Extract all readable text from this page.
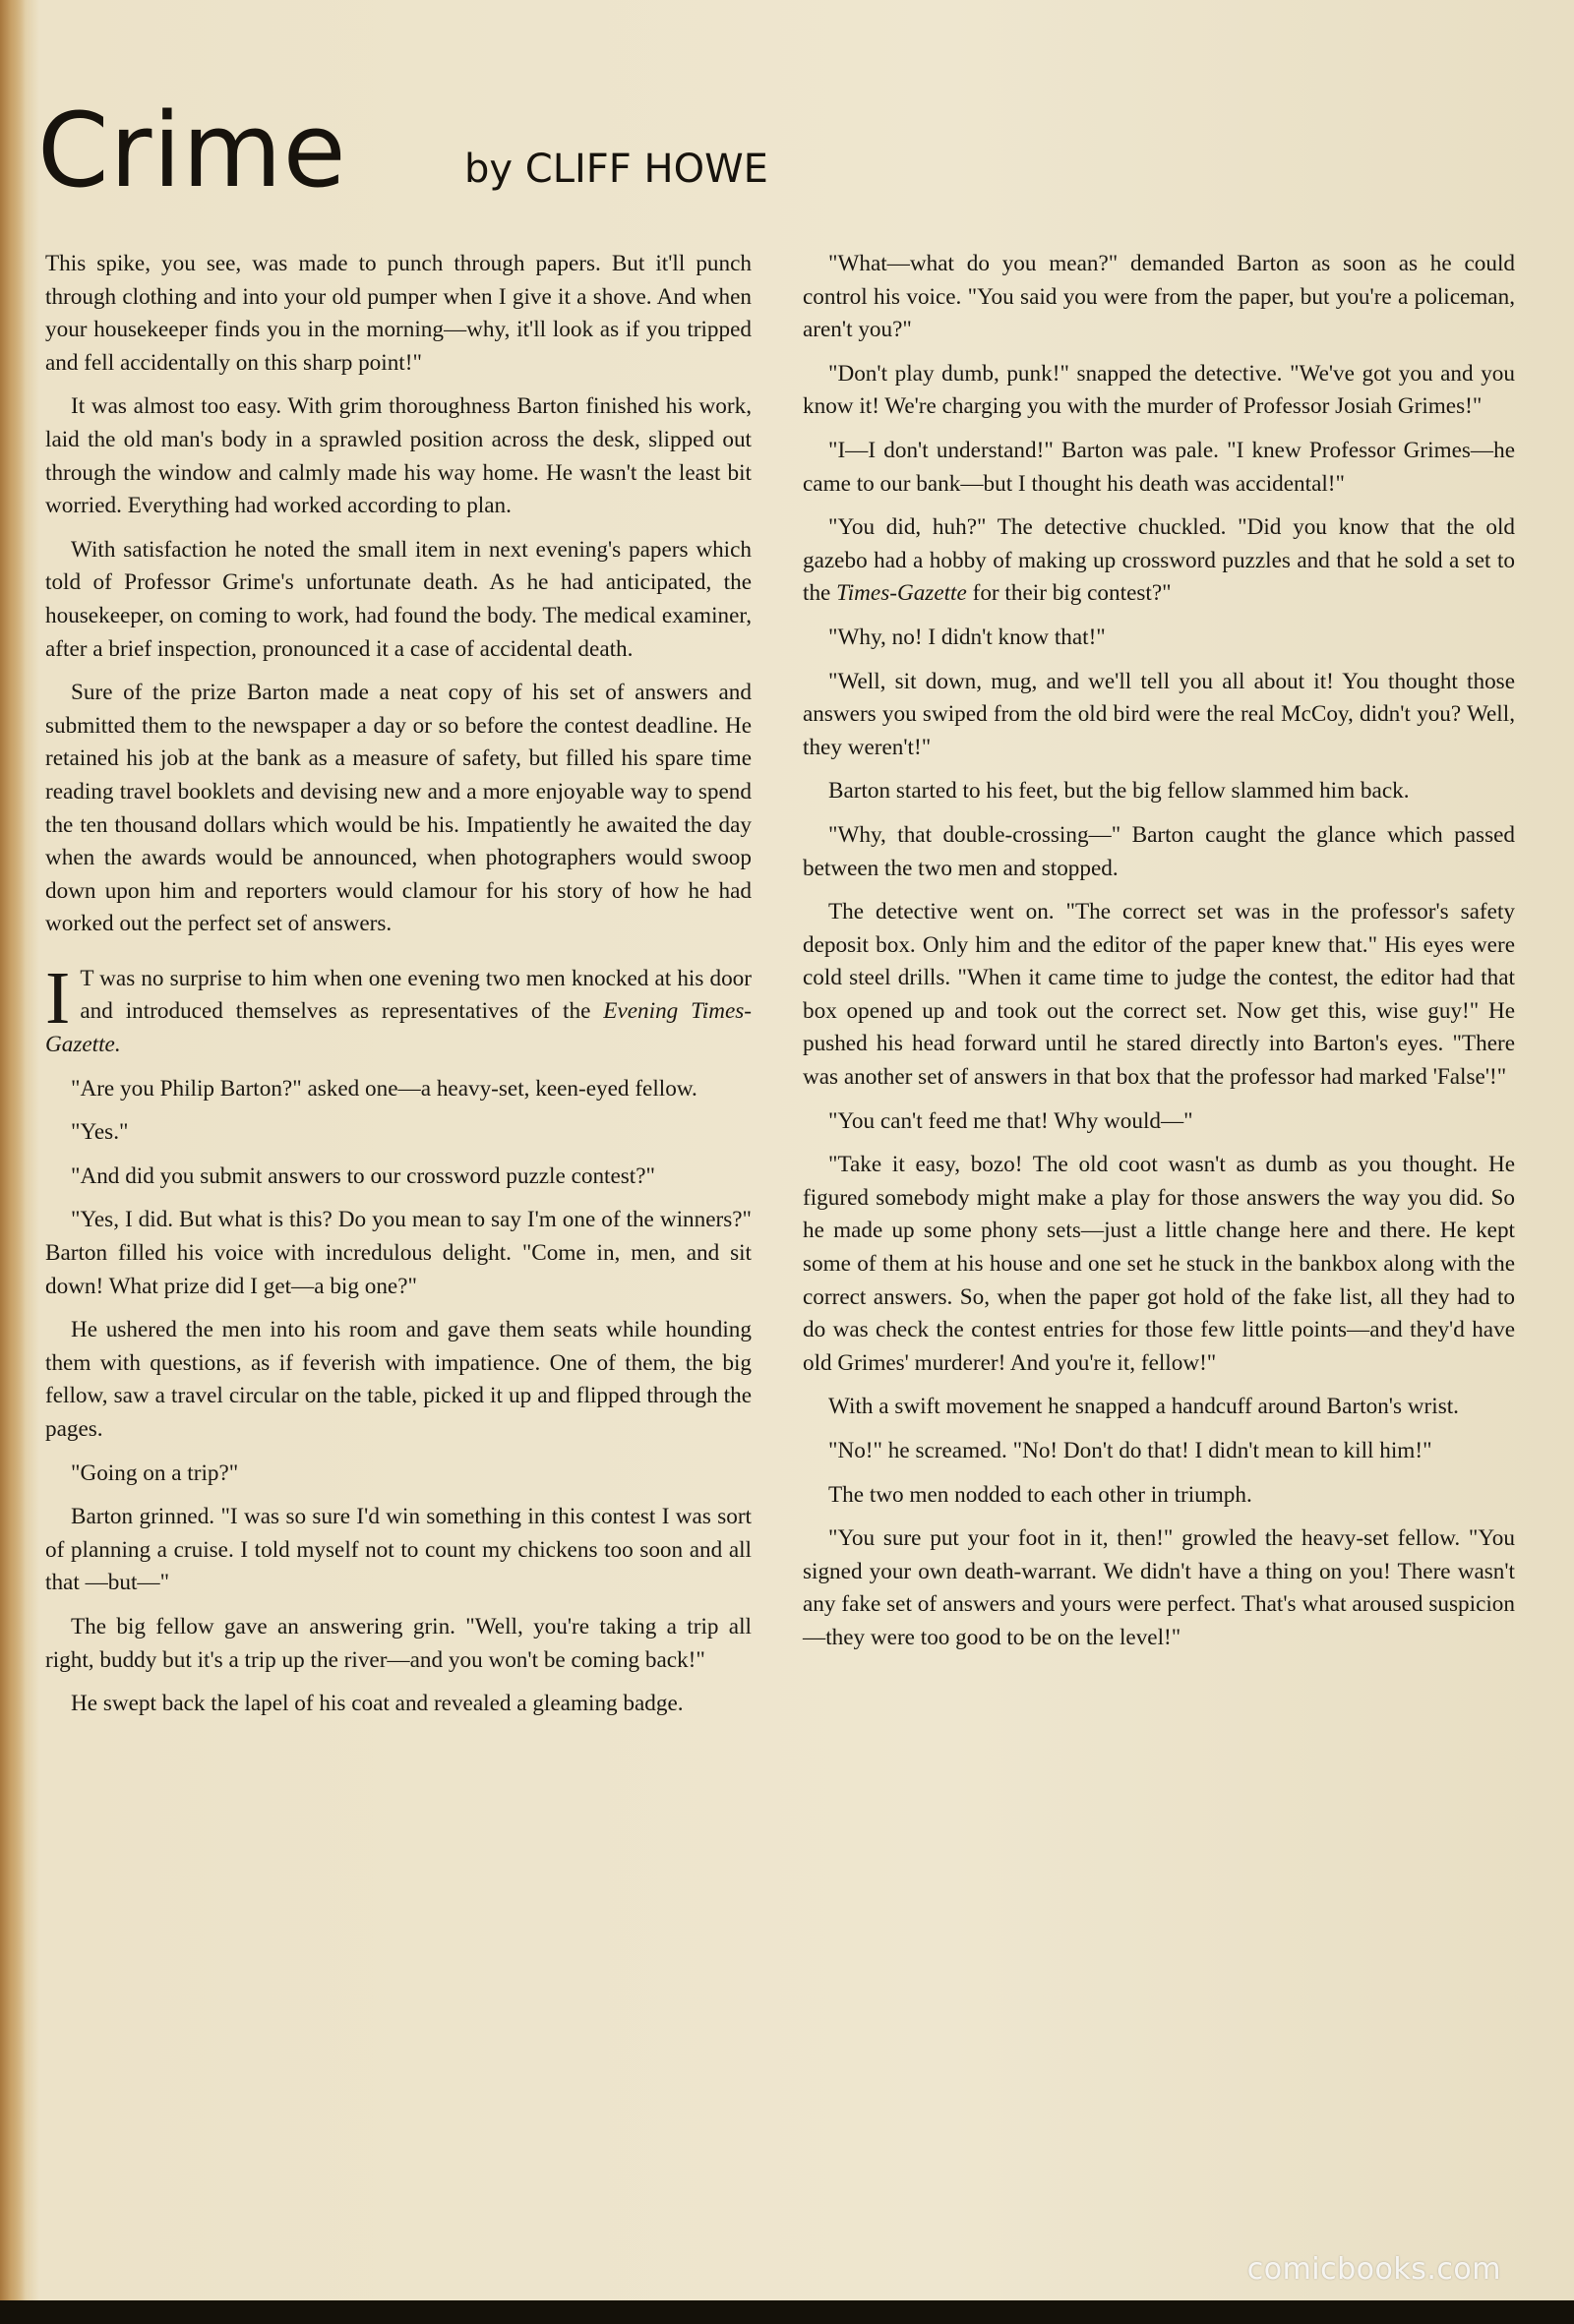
Crime	by CLIFF HOWE

This spike, you see, was made to punch through papers. But it'll punch through clothing and into your old pumper when I give it a shove. And when your housekeeper finds you in the morning—why, it'll look as if you tripped and fell accidentally on this sharp point!"

It was almost too easy. With grim thoroughness Barton finished his work, laid the old man's body in a sprawled position across the desk, slipped out through the window and calmly made his way home. He wasn't the least bit worried. Everything had worked according to plan.

With satisfaction he noted the small item in next evening's papers which told of Professor Grime's unfortunate death. As he had anticipated, the housekeeper, on coming to work, had found the body. The medical examiner, after a brief inspection, pronounced it a case of accidental death.

Sure of the prize Barton made a neat copy of his set of answers and submitted them to the newspaper a day or so before the contest deadline. He retained his job at the bank as a measure of safety, but filled his spare time reading travel booklets and devising new and a more enjoyable way to spend the ten thousand dollars which would be his. Impatiently he awaited the day when the awards would be announced, when photographers would swoop down upon him and reporters would clamour for his story of how he had worked out the perfect set of answers.

I T was no surprise to him when one evening two men knocked at his door and introduced themselves as representatives of the Evening Times-Gazette.

"Are you Philip Barton?" asked one—a heavy-set, keen-eyed fellow.

"Yes."

"And did you submit answers to our crossword puzzle contest?"

"Yes, I did. But what is this? Do you mean to say I'm one of the winners?" Barton filled his voice with incredulous delight. "Come in, men, and sit down! What prize did I get—a big one?"

He ushered the men into his room and gave them seats while hounding them with questions, as if feverish with impatience. One of them, the big fellow, saw a travel circular on the table, picked it up and flipped through the pages.

"Going on a trip?"

Barton grinned. "I was so sure I'd win something in this contest I was sort of planning a cruise. I told myself not to count my chickens too soon and all that —but—"

The big fellow gave an answering grin. "Well, you're taking a trip all right, buddy but it's a trip up the river—and you won't be coming back!"

He swept back the lapel of his coat and revealed a gleaming badge.

"What—what do you mean?" demanded Barton as soon as he could control his voice. "You said you were from the paper, but you're a policeman, aren't you?"

"Don't play dumb, punk!" snapped the detective. "We've got you and you know it! We're charging you with the murder of Professor Josiah Grimes!"

"I—I don't understand!" Barton was pale. "I knew Professor Grimes—he came to our bank—but I thought his death was accidental!"

"You did, huh?" The detective chuckled. "Did you know that the old gazebo had a hobby of making up crossword puzzles and that he sold a set to the Times-Gazette for their big contest?"

"Why, no! I didn't know that!"

"Well, sit down, mug, and we'll tell you all about it! You thought those answers you swiped from the old bird were the real McCoy, didn't you? Well, they weren't!"

Barton started to his feet, but the big fellow slammed him back.

"Why, that double-crossing—" Barton caught the glance which passed between the two men and stopped.

The detective went on. "The correct set was in the professor's safety deposit box. Only him and the editor of the paper knew that." His eyes were cold steel drills. "When it came time to judge the contest, the editor had that box opened up and took out the correct set. Now get this, wise guy!" He pushed his head forward until he stared directly into Barton's eyes. "There was another set of answers in that box that the professor had marked 'False'!"

"You can't feed me that! Why would—"

"Take it easy, bozo! The old coot wasn't as dumb as you thought. He figured somebody might make a play for those answers the way you did. So he made up some phony sets—just a little change here and there. He kept some of them at his house and one set he stuck in the bankbox along with the correct answers. So, when the paper got hold of the fake list, all they had to do was check the contest entries for those few little points—and they'd have old Grimes' murderer! And you're it, fellow!"

With a swift movement he snapped a handcuff around Barton's wrist.

"No!" he screamed. "No! Don't do that! I didn't mean to kill him!"

The two men nodded to each other in triumph.

"You sure put your foot in it, then!" growled the heavy-set fellow. "You signed your own death-warrant. We didn't have a thing on you! There wasn't any fake set of answers and yours were perfect. That's what aroused suspicion—they were too good to be on the level!"

comicbooks.com
